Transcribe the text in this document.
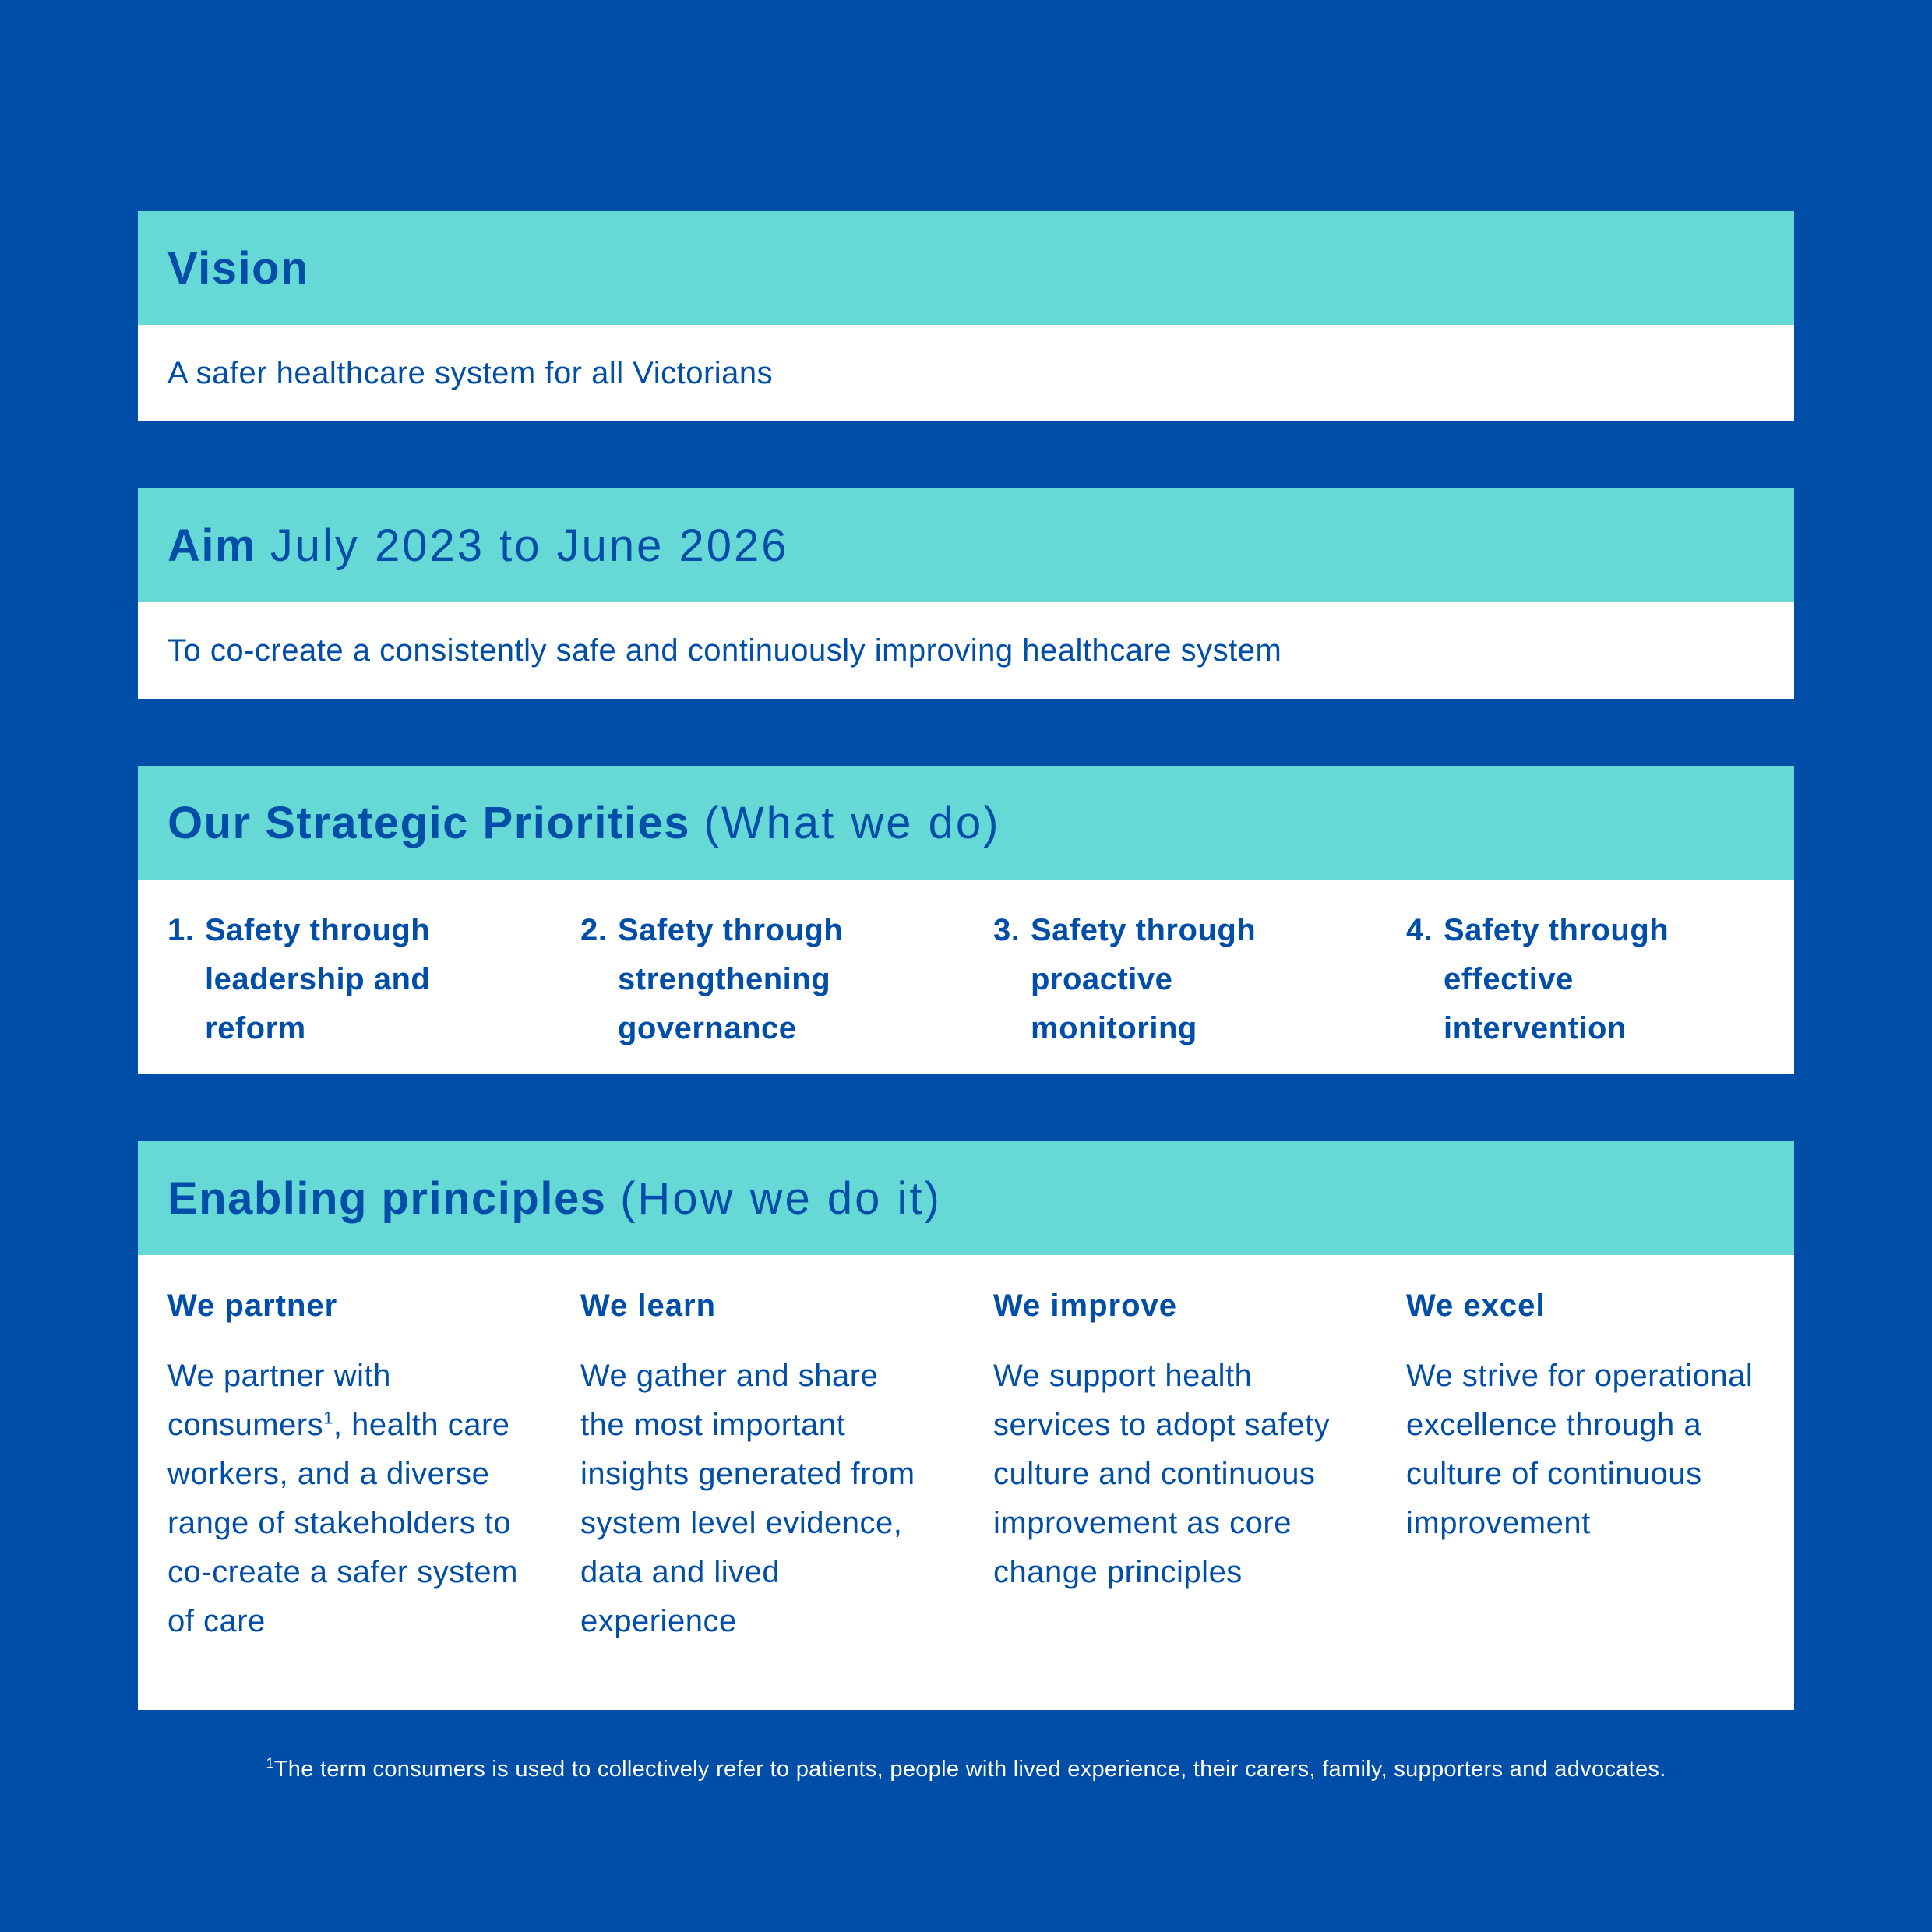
Vision
A safer healthcare system for all Victorians
Aim
July 2023 to June 2026
To co-create a consistently safe and continuously improving healthcare system
Our Strategic Priorities
(What we do)
1. Safety through
leadership and
reform
2. Safety through
strengthening
governance
3. Safety through
proactive
monitoring
4. Safety through
effective
intervention
Enabling principles
(How we do it)
We partner
We partner with consumers$^1$, health care workers, and a diverse range of stakeholders to co-create a safer system of care
We learn
We gather and share the most important insights generated from system level evidence, data and lived experience
We improve
We support health services to adopt safety culture and continuous improvement as core change principles
We excel
We strive for operational excellence through a culture of continuous improvement
$^1$The term consumers is used to collectively refer to patients, people with lived experience, their carers, family, supporters and advocates.
